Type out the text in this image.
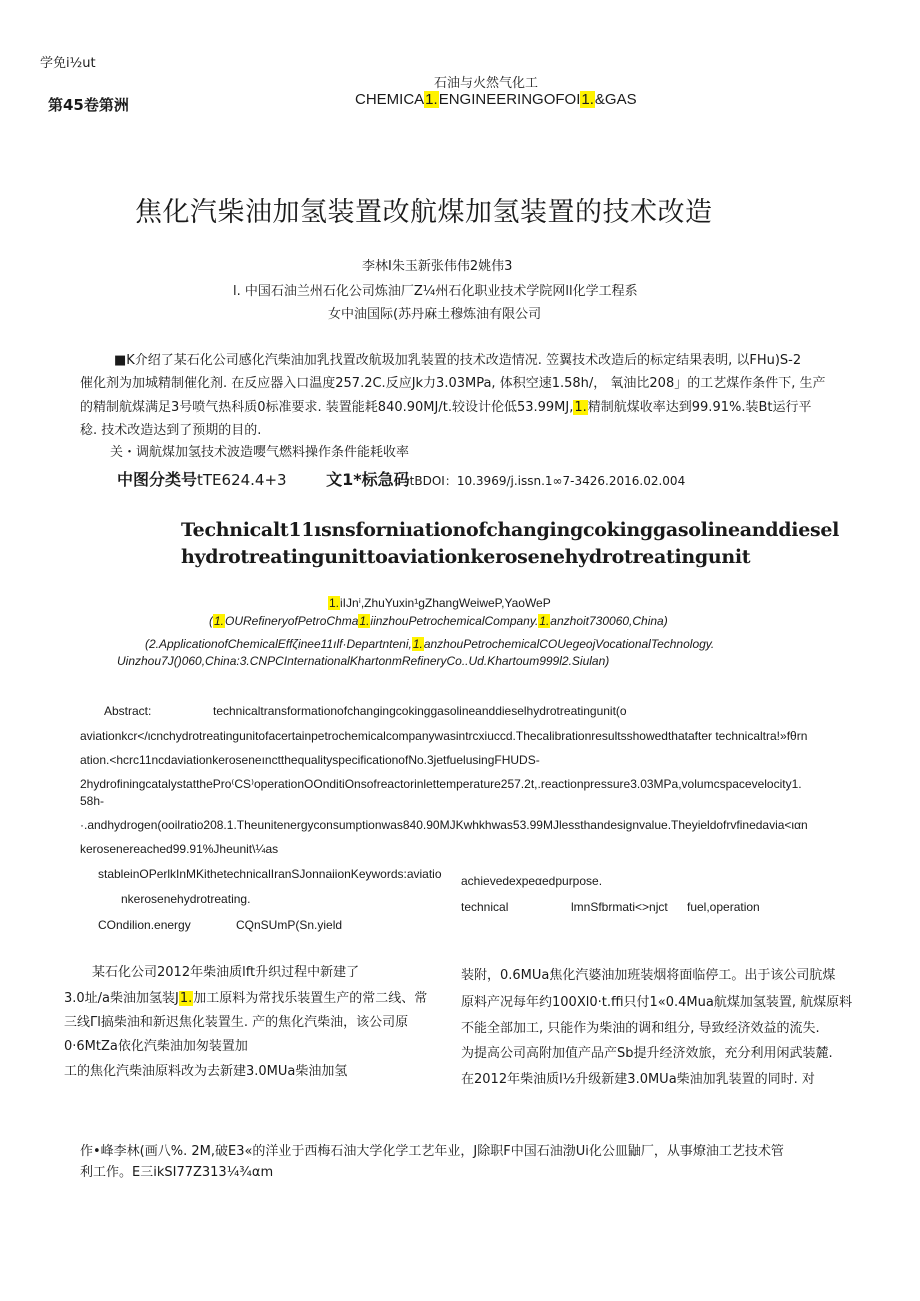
学免i½ut
第45卷第洲
石油与火然气化工
CHEMICA1.ENGINEERINGOFOI1.&GAS
焦化汽柴油加氢装置改航煤加氢装置的技术改造
李林I朱玉新张伟伟2姚伟3
l. 中国石油兰州石化公司炼油厂Z¼州石化职业技术学院网ll化学工程系
女中油国际(苏丹麻土穆炼油有限公司
■K介绍了某石化公司感化汽柴油加乳找置改航圾加乳装置的技术改造情况. 笠翼技术改造后的标定结果表明, 以FHu)S-2
催化剂为加城精制催化剂. 在反应器入口温度257.2C.反应Jk力3.03MPa, 体积空速1.58h/， 氧油比208」的工艺煤作条件下, 生产
的精制航煤满足3号喷气热科质0标准要求. 装置能耗840.90MJ/t.较设计伦低53.99MJ,1.精制航煤收率达到99.91%.装Bt运行平
稔. 技术改造达到了预期的目的.
关・调航煤加氢技术波造嘤气燃料操作条件能耗收率
中图分类号tTE624.4+3 文1*标急码tBDOI：10.3969/j.issn.1∞7-3426.2016.02.004
Technicalt11ısnsforniıationofchangingcokinggasolineanddiesel
hydrotreatingunittoaviationkerosenehydrotreatingunit
1.iIJnⁱ,ZhuYuxin¹ɡZhangWeiweP,YaoWeP
(1.OURefineryofPetroChma1.iinzhouPetrochemicalCompany.1.anzhoit730060,China)
(2.ApplicationofChemicalEffζinee11ılf·Departnteni,1.anzhouPetrochemicalCOUegeojVocationalTechnology.
Uinzhou7J()060,China:3.CNPCInternationalKhartonmRefineryCo..Ud.Khartoum999l2.Siulan)
Abstract:	technicaltransformationofchangingcokinggasolineanddieselhydrotreatingunit(o
aviationkcr</ιcnchydrotreatingunitofacertainpetrochemicalcompanywasintrcxiuccd.Thecalibrationresultsshowedthatafter technicaltra!»fθrn
ation.<hcrc11ncdaviationkeroseneınctthequalityspecificationofNo.3jetfuelusingFHUDS-
2hydrofiningcatalystatthePro⁽CS⁾operationOOnditiOnsofreactorinlettemperature257.2t,.reactionpressure3.03MPa,volumcspacevelocity1.
58h-
·.andhydrogen(ooilratio208.1.Theunitenergyconsumptionwas840.90MJKwhkhwas53.99MJlessthandesignvalue.Theyieldofrvfinedavia<ιαn
kerosenereached99.91%Jheunit\¼as
stableinOPerlkInMKithetechnicalIranSJonnaiionKeywords:aviatio
nkerosenehydrotreating.
COndilion.energy	CQnSUmP(Sn.yield
achievedexpeαedpurpose.
technical	lmnSfbrmati<>njct fuel,operation
某石化公司2012年柴油质lft升织过程中新建了
3.0址/a柴油加氢装J1.加工原料为常找乐装置生产的常二线、常
三线Γl搞柴油和新迟焦化装置生. 产的焦化汽柴油，该公司原
0·6MtZa依化汽柴油加匆装置加
工的焦化汽柴油原料改为去新建3.0MUa柴油加氢
装附，0.6MUa焦化汽婆油加班装烟将面临停工。出于该公司肮煤
原料产况每年约100Xl0·t.ffi只付1«0.4Mua航煤加氢装置, 航煤原料
不能全部加工, 只能作为柴油的调和组分, 导致经济效益的流失.
为提高公司高附加值产品产Sb提升经济效旅，充分利用闲武装麓.
在2012年柴油质l½升级新建3.0MUa柴油加乳装置的同时. 对
作•峰李林(画八%. 2M,破E3«的洋业于西梅石油大学化学工艺年业，J除职F中国石油渤Ui化公皿鼬厂，从事燎油工艺技术管
利工作。E三ikSI77Z313¼¾αm
